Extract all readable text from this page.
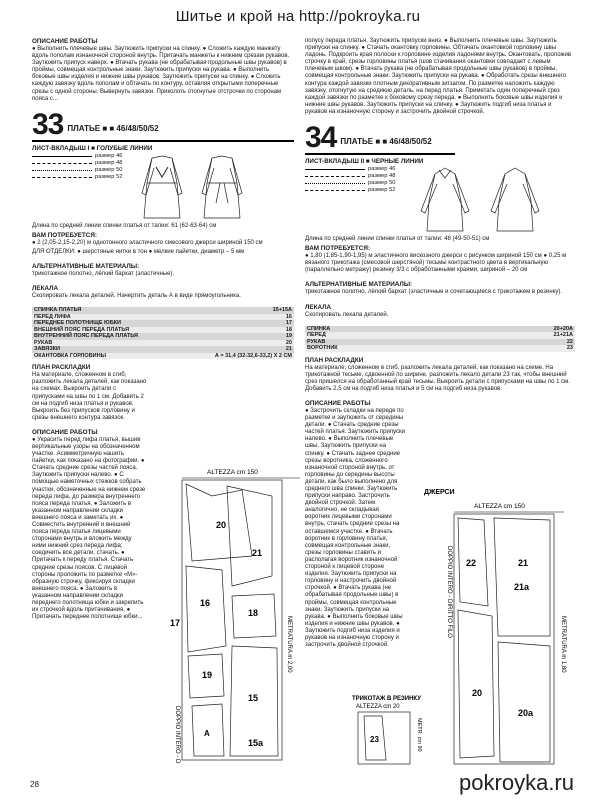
Шитье и крой на http://pokroyka.ru
ОПИСАНИЕ РАБОТЫ

● Выполнить плечевые швы. Заутюжить припуски на спинку. ● Сложить каждую манжету вдоль пополам изнаночной стороной внутрь. Притачать манжеты к нижним срезам рукавов. Заутюжить припуск наверх. ● Втачать рукава (не обрабатывая продольные швы рукавов) в проймы, совмещая контрольные знаки. Заутюжить припуски на рукава. ● Выполнить боковые швы изделия и нижние швы рукавов. Заутюжить припуски на спинку. ● Сложить каждую завязку вдоль пополам и обтачать по контуру, оставляя открытыми поперечные срезы с одной стороны. Вывернуть завязки. Приколоть отогнутые отстрочки по сторонам пояса с...

33 ПЛАТЬЕ ■ ■ 46/48/50/52
ЛИСТ-ВКЛАДЫШ I ■ ГОЛУБЫЕ ЛИНИИ
размер 46
размер 48
размер 50
размер 52

Длина по средней линии спинки платья от талии: 61 (62-63-64) см

ВАМ ПОТРЕБУЕТСЯ:

● 2 (2,05-2,15-2,20) м однотонного эластичного смесового джерси шириной 150 см

ДЛЯ ОТДЕЛКИ: ● шерстяные нитки в тон ● мелкие пайетки, диаметр – 5 мм

АЛЬТЕРНАТИВНЫЕ МАТЕРИАЛЫ:

трикотажное полотно, лёгкий бархат (эластичные).

ЛЕКАЛА

Скопировать лекала деталей. Начертить деталь А в виде прямоугольника.

СПИНКА ПЛАТЬЯ	15+15А
ПЕРЕД ЛИФА	16
ПЕРЕДНЕЕ ПОЛОТНИЩЕ ЮБКИ	17
ВНЕШНИЙ ПОЯС ПЕРЕДА ПЛАТЬЯ	18
ВНУТРЕННИЙ ПОЯС ПЕРЕДА ПЛАТЬЯ	19
РУКАВ	20
ЗАВЯЗКИ	21
ОКАНТОВКА ГОРЛОВИНЫ	А = 31,4 (32-32,6-33,2) Х 2 СМ
ПЛАН РАСКЛАДКИ

На материале, сложенном в сгиб, разложить лекала деталей, как показано на схемах. Выкроить детали с припусками на швы по 1 см. Добавить 2 см на подгиб низа платья и рукавов. Выкроить без припусков горловину и срезы внешнего контура завязок.

ОПИСАНИЕ РАБОТЫ

● Украсить перед лифа платья, вышив вертикальные узоры на обозначенном участке. Асимметричную нашить пайетки, как показано на фотографии. ● Стачать средние срезы частей пояса. Заутюжить припуски налево. ● С помощью наметочных стежков собрать участки, обозначенные на нижнем срезе переда лифа, до размера внутреннего пояса переда платья. ● Заложить в указанном направлении складки внешнего пояса и заметать их. ● Совместить внутренний и внешний пояса переда платья лицевыми сторонами внутрь и вложить между ними нижний срез переда лифа; соединить все детали, стачать. ● Притачать к переду платья. Стачать средние срезы поясов. С лицевой стороны проложить по разметке «М»-образную строчку, фиксируя складки внешнего пояса. ● Заложить в указанном направлении складки переднего полотнища юбки и закрепить их строчкой вдоль притачивания. ● Притачать переднее полотнище юбки...

ALTEZZA cm 150
20
21
16
18
19
17
15
15а
А
METRATURA m 2,00
DOPPIO INTERO - DIRITTO FILO

попусу переда платья. Заутюжить припуски вниз. ● Выполнить плечевые швы. Заутюжить припуски на спинку. ● Стачать окантовку горловины. Обтачать окантовкой горловину швы ладонь. Подкроить края полоски к горловине изделия ладонями внутрь. Окантовать, проложив строчку в край, срезы горловины платья (шов стачивания окантовки совпадает с левым плечевым швом). ● Втачать рукава (не обрабатывая продольные швы рукавов) в проймы, совмещая контрольные знаки. Заутюжить припуски на рукава. ● Обработать срезы внешнего контура каждой завязки плотным декоративным зигзагом. По разметке наложить каждую завязку, отогнутую на среднюю деталь, на перед платья. Приметать один поперечный срез каждой завязки по разметке к боковому срезу переда. ● Выполнить боковые швы изделия и нижние швы рукавов. Заутюжить припуски на спинку. ● Заутюжить подгиб низа платья и рукавов на изнаночную сторону и застрочить двойной строчкой.

34 ПЛАТЬЕ ■ ■ 46/48/50/52
ЛИСТ-ВКЛАДЫШ II ■ ЧЕРНЫЕ ЛИНИИ
размер 46
размер 48
размер 50
размер 52

Длина по средней линии спинки платья от талии: 48 (49-50-51) см

ВАМ ПОТРЕБУЕТСЯ:

● 1,80 (1,85-1,90-1,95) м эластичного вискозного джерси с рисунком шириной 150 см ● 0,25 м вязаного трикотажа (смесовой шерстяной) тесьмы контрастного цвета в вертикальную (параллельно метражу) резинку 3/3 с обработанными краями, шириной – 20 см

АЛЬТЕРНАТИВНЫЕ МАТЕРИАЛЫ:

трикотажное полотно, лёгкий бархат (эластичные и сочетающиеся с трикотажем в резинку).

ЛЕКАЛА

Скопировать лекала деталей.

СПИНКА	20+20А
ПЕРЕД	21+21А
РУКАВ	22
ВОРОТНИК	23
ПЛАН РАСКЛАДКИ

На материале, сложенном в сгиб, разложить лекала деталей, как показано на схеме. На трикотажной тесьме, сдвоенной по ширине, разложить лекало детали 23 так, чтобы внешний срез пришелся на обработанный край тесьмы. Выкроить детали с припусками на швы по 1 см. Добавить 2,5 см на подгиб низа платья и 5 см на подгиб низа рукавов.

ОПИСАНИЕ РАБОТЫ

● Застрочить складки на переде по разметке и заутюжить от середины детали. ● Стачать средние срезы частей платья. Заутюжить припуски налево. ● Выполнить плечевые швы. Заутюжить припуски на спинку. ● Стачать заднее средние срезы воротника, сложенного изнаночной стороной внутрь, от горловины до середины высоты детали, как было выполнено для среднего шва спинки. Заутюжить припуски направо. Застрочить двойной строчкой. Затем аналогично, не складывая воротник лицевыми сторонами внутрь, стачать средние срезы на оставшемся участке. ● Втачать воротник в горловину платья, совмещая контрольные знаки, срезы горловины ставить и располагая воротник изнаночной стороной к лицевой стороне изделия. Заутюжить припуски на горловину и настрочить двойной строчкой. ● Втачать рукава (не обрабатывая продольные швы) в проймы, совмещая контрольные знаки. Заутюжить припуски на рукава. ● Выполнить боковые швы изделия и нижние швы рукавов. ● Заутюжить подгиб низа изделия и рукавов на изнаночную сторону и застрочить двойной строчкой.

ДЖЕРСИ
ALTEZZA cm 150
22	21
21а
20
20а
METRATURA m 1,80
DOPPIO INTERO - DIRITTO FILO
ТРИКОТАЖ В РЕЗИНКУ
ALTEZZA cm 20
23	METR. cm 90
28	pokroyka.ru
